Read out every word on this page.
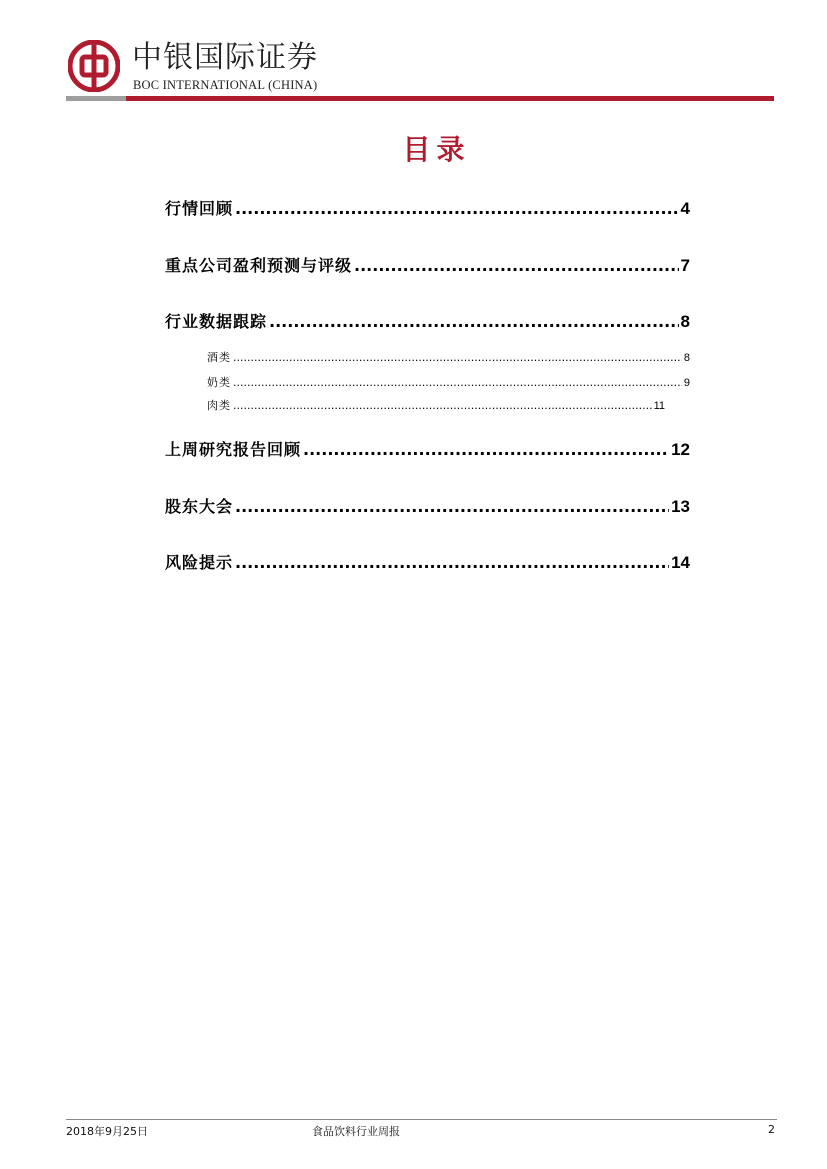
中银国际证券
BOC INTERNATIONAL (CHINA)
目录
行情回顾 .....	4
重点公司盈利预测与评级 .....	7
行业数据跟踪 .....	8
酒类 .....	8
奶类 .....	9
肉类 .....	11
上周研究报告回顾 .....	12
股东大会 .....	13
风险提示 .....	14
2018年9月25日	食品饮料行业周报	2
